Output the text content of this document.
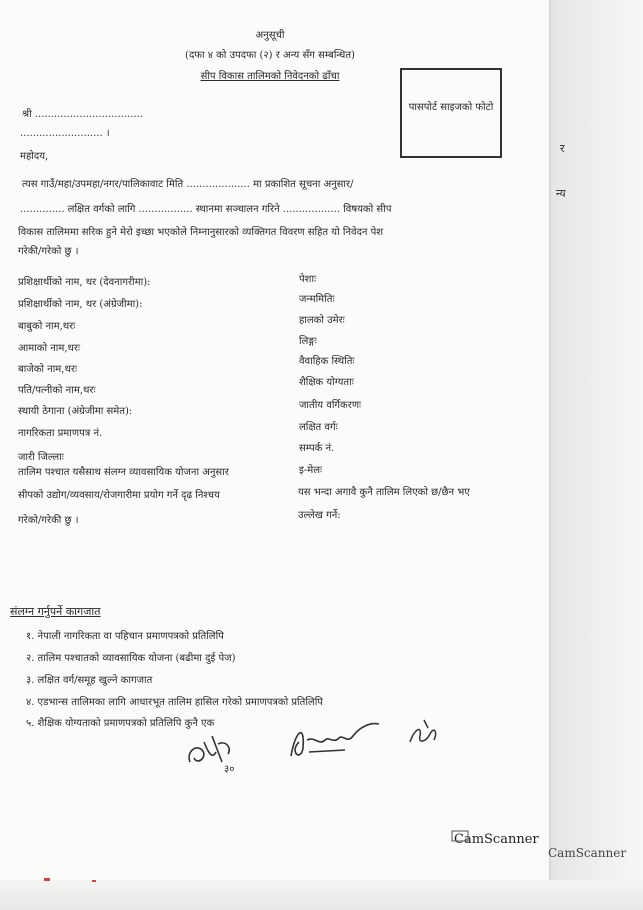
र
न्य
अनुसूची
(दफा ४ को उपदफा (२) र अन्य सँग सम्बन्धित)
सीप विकास तालिमको निवेदनको ढाँचा
पासपोर्ट साइजको फोटो
श्री ..................................
.......................... ।
महोदय,
त्यस गाउँ/महा/उपमहा/नगर/पालिकावाट मिति .................... मा प्रकाशित सूचना अनुसार/
.............. लक्षित वर्गको लागि ................. स्थानमा सञ्चालन गरिने .................. विषयको सीप
विकास तालिममा सरिक हुने मेरो इच्छा भएकोले निम्नानुसारको व्यक्तिगत विवरण सहित यो निवेदन पेश
गरेकी/गरेको छु ।
प्रशिक्षार्थीको नाम, थर (देवनागरीमा):
प्रशिक्षार्थीको नाम, थर (अंग्रेजीमा):
बाबुको नाम,थरः
आमाको नाम,थरः
बाजेको नाम,थरः
पति/पत्नीको नाम,थरः
स्थायी ठेगाना (अंग्रेजीमा समेत):
नागरिकता प्रमाणपत्र नं.
जारी जिल्लाः
पेशाः
जन्ममितिः
हालको उमेरः
लिङ्गः
वैवाहिक स्थितिः
शैक्षिक योग्यताः
जातीय वर्गिकरणः
लक्षित वर्गः
सम्पर्क नं.
इ-मेलः
तालिम पश्चात यसैसाथ संलग्न व्यावसायिक योजना अनुसार
सीपको उद्योग/व्यवसाय/रोजगारीमा प्रयोग गर्ने दृढ निश्चय
गरेको/गरेकी छु ।
यस भन्दा अगावै कुनै तालिम लिएको छ/छैन भए
उल्लेख गर्ने:
संलग्न गर्नुपर्ने कागजात
१. नेपाली नागरिकता वा पहिचान प्रमाणपत्रको प्रतिलिपि
२. तालिम पश्चातको व्यावसायिक योजना (बढीमा दुई पेज)
३. लक्षित वर्ग/समूह खुल्ने कागजात
४. एडभान्स तालिमका लागि आधारभूत तालिम हासिल गरेको प्रमाणपत्रको प्रतिलिपि
५. शैक्षिक योग्यताको प्रमाणपत्रको प्रतिलिपि कुनै एक
३०
CamScanner
CamScanner
